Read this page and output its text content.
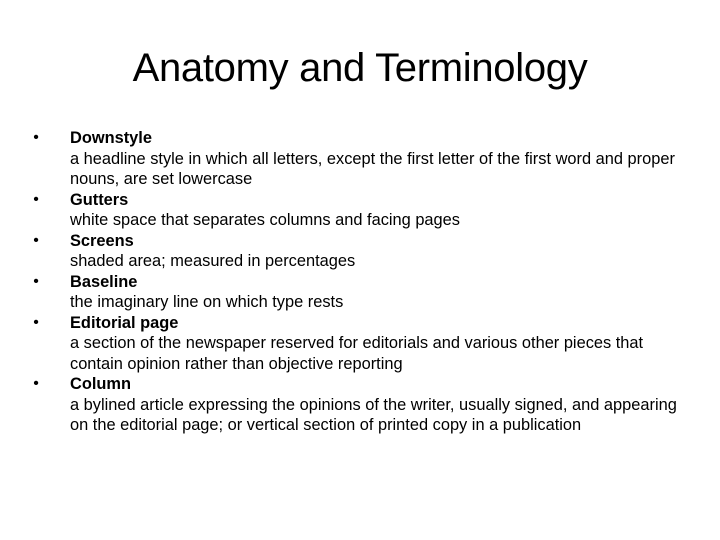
Anatomy and Terminology
• Downstyle
a headline style in which all letters, except the first letter of the first word and proper nouns, are set lowercase
• Gutters
white space that separates columns and facing pages
• Screens
shaded area; measured in percentages
• Baseline
the imaginary line on which type rests
• Editorial page
a section of the newspaper reserved for editorials and various other pieces that contain opinion rather than objective reporting
• Column
a bylined article expressing the opinions of the writer, usually signed, and appearing on the editorial page; or vertical section of printed copy in a publication
